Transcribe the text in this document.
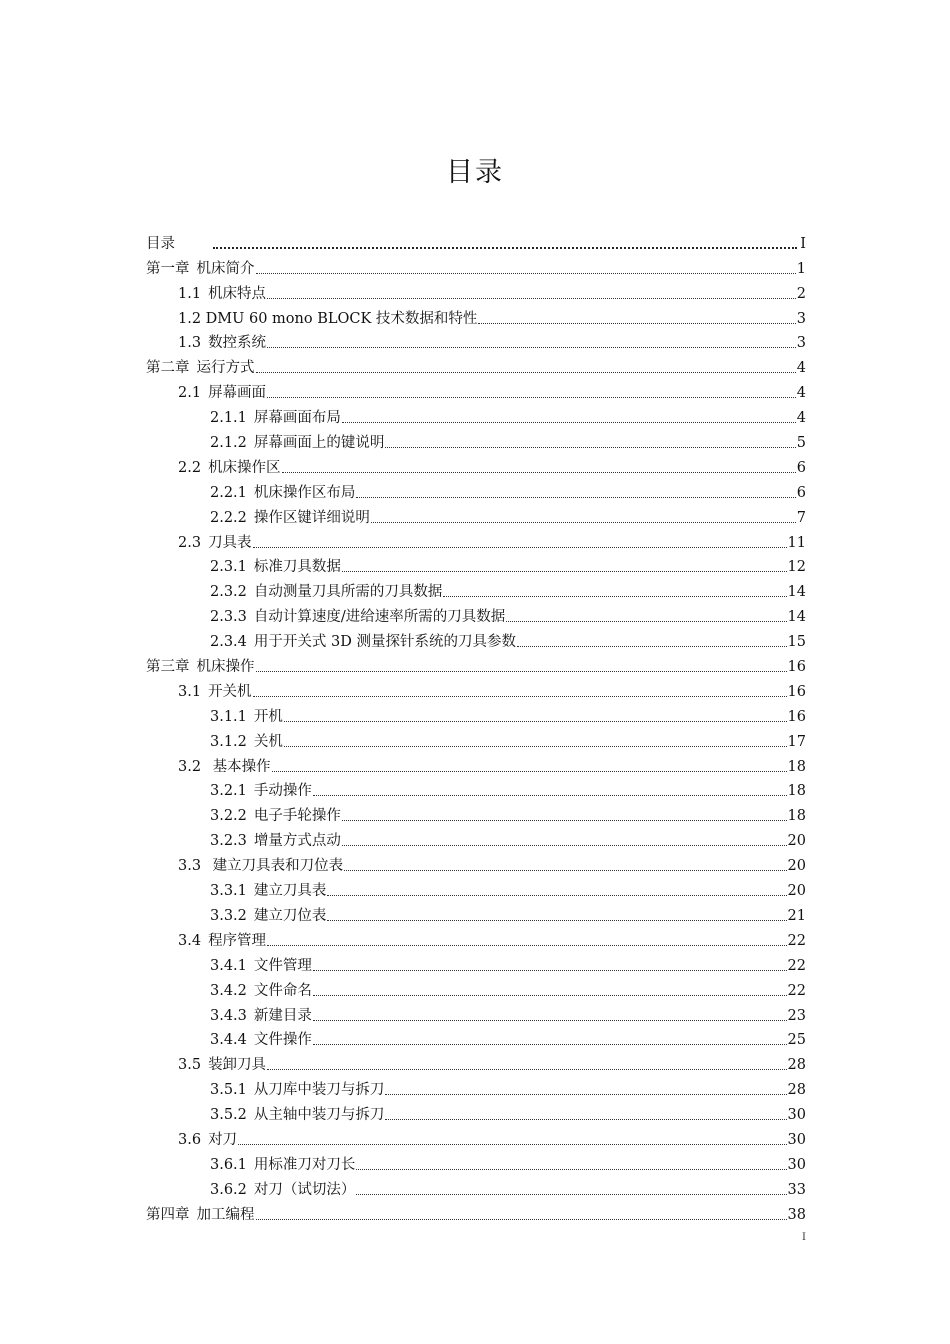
目录
目录	I
第一章 机床简介	1
1.1 机床特点	2
1.2 DMU 60 mono BLOCK 技术数据和特性	3
1.3 数控系统	3
第二章 运行方式	4
2.1 屏幕画面	4
2.1.1 屏幕画面布局	4
2.1.2 屏幕画面上的键说明	5
2.2 机床操作区	6
2.2.1 机床操作区布局	6
2.2.2 操作区键详细说明	7
2.3 刀具表	11
2.3.1 标准刀具数据	12
2.3.2 自动测量刀具所需的刀具数据	14
2.3.3 自动计算速度/进给速率所需的刀具数据	14
2.3.4 用于开关式 3D 测量探针系统的刀具参数	15
第三章 机床操作	16
3.1 开关机	16
3.1.1 开机	16
3.1.2 关机	17
3.2 基本操作	18
3.2.1 手动操作	18
3.2.2 电子手轮操作	18
3.2.3 增量方式点动	20
3.3 建立刀具表和刀位表	20
3.3.1 建立刀具表	20
3.3.2 建立刀位表	21
3.4 程序管理	22
3.4.1 文件管理	22
3.4.2 文件命名	22
3.4.3 新建目录	23
3.4.4 文件操作	25
3.5 装卸刀具	28
3.5.1 从刀库中装刀与拆刀	28
3.5.2 从主轴中装刀与拆刀	30
3.6 对刀	30
3.6.1 用标准刀对刀长	30
3.6.2 对刀（试切法）	33
第四章 加工编程	38
I
